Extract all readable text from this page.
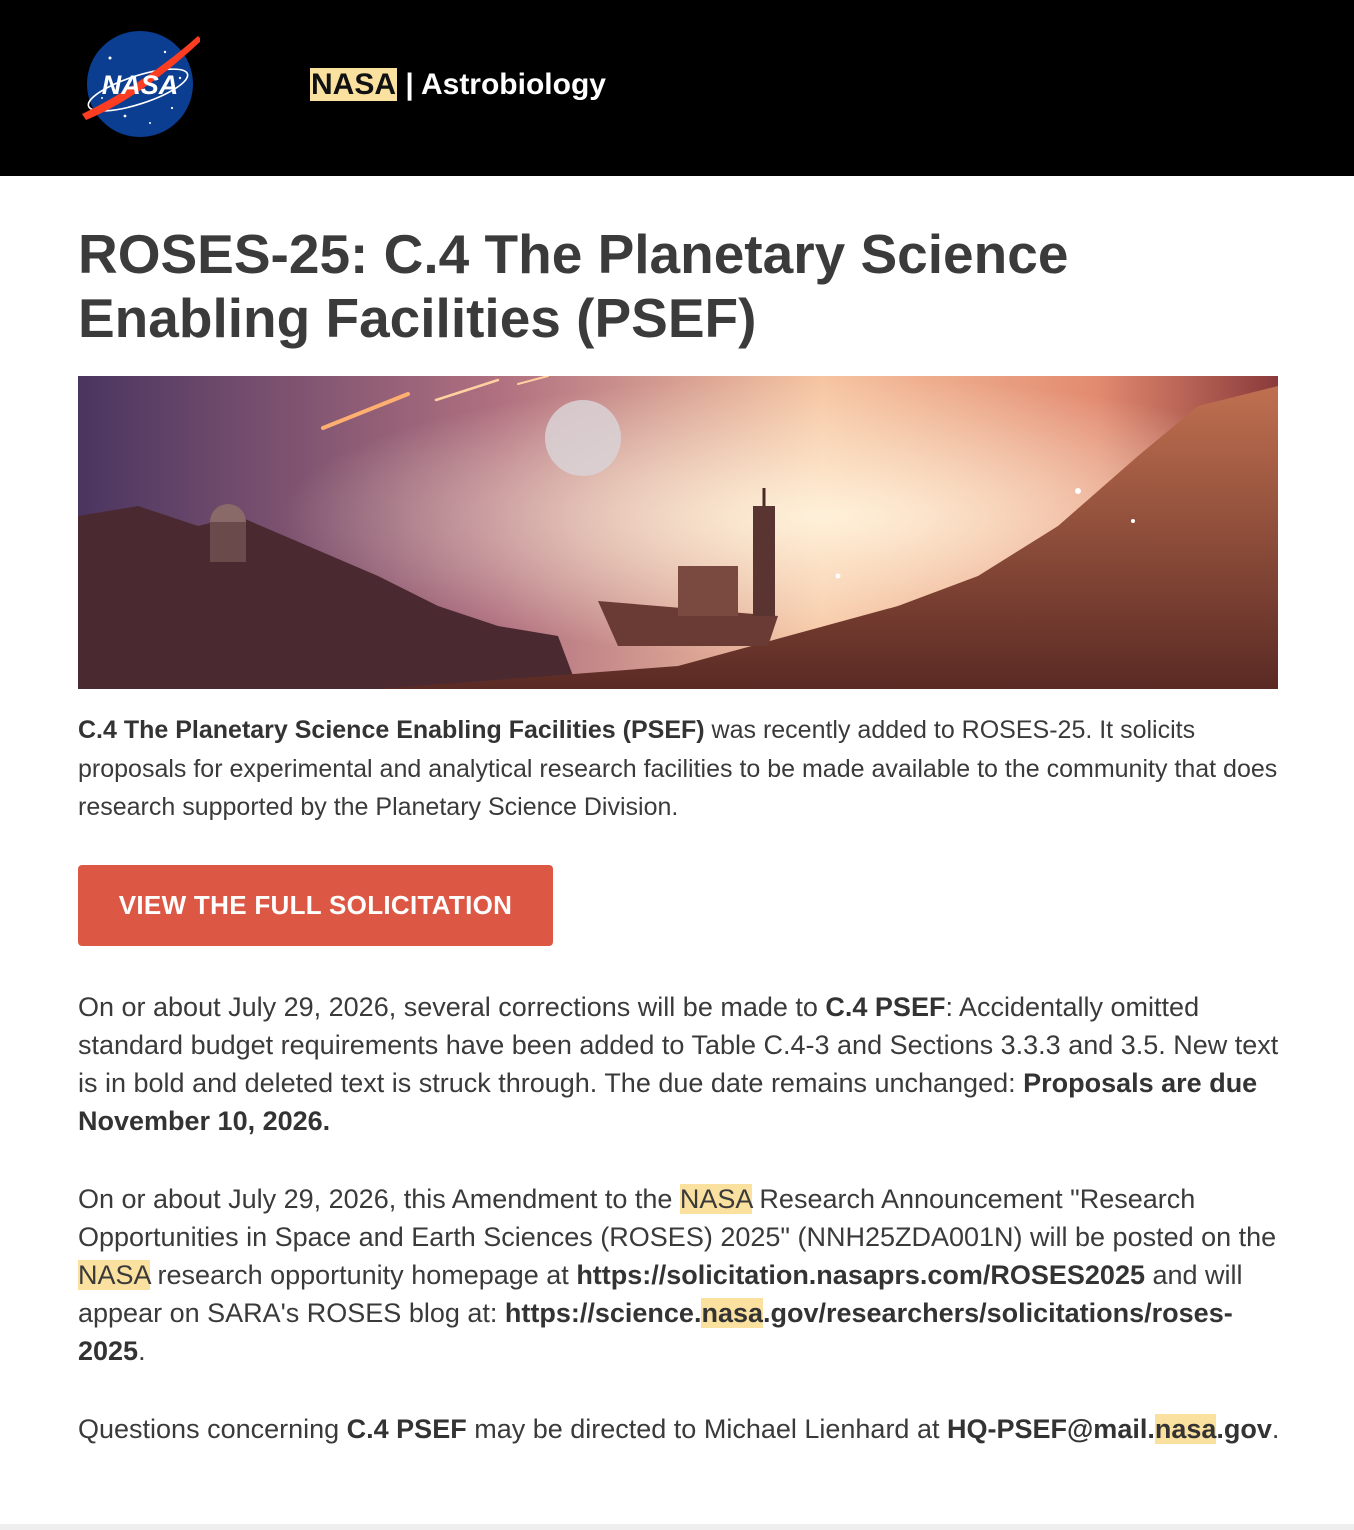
NASA	NASA | Astrobiology
ROSES-25: C.4 The Planetary Science Enabling Facilities (PSEF)

C.4 The Planetary Science Enabling Facilities (PSEF) was recently added to ROSES-25. It solicits proposals for experimental and analytical research facilities to be made available to the community that does research supported by the Planetary Science Division.

VIEW THE FULL SOLICITATION

On or about July 29, 2026, several corrections will be made to C.4 PSEF: Accidentally omitted standard budget requirements have been added to Table C.4-3 and Sections 3.3.3 and 3.5. New text is in bold and deleted text is struck through. The due date remains unchanged: Proposals are due November 10, 2026.

On or about July 29, 2026, this Amendment to the NASA Research Announcement "Research Opportunities in Space and Earth Sciences (ROSES) 2025" (NNH25ZDA001N) will be posted on the NASA research opportunity homepage at https://solicitation.nasaprs.com/ROSES2025 and will appear on SARA's ROSES blog at: https://science.nasa.gov/researchers/solicitations/roses-2025.

Questions concerning C.4 PSEF may be directed to Michael Lienhard at HQ-PSEF@mail.nasa.gov.
